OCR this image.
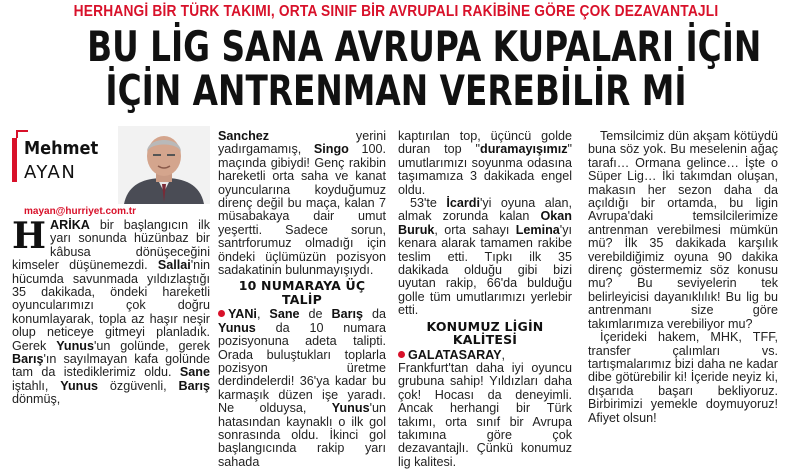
HERHANGİ BİR TÜRK TAKIMI, ORTA SINIF BİR AVRUPALI RAKİBİNE GÖRE ÇOK DEZAVANTAJLI
BU LİG SANA AVRUPA KUPALARI İÇİN
İÇİN ANTRENMAN VEREBİLİR Mİ
Mehmet
AYAN
mayan@hurriyet.com.tr

HARİKA bir başlangıcın ilk yarı sonunda hüzünbaz bir kâbusa dönüşeceğini kimseler düşünemezdi. Sallai'nin hücumda savunmada yıldızlaştığı 35 dakikada, öndeki hareketli oyuncularımızı çok doğru konumlayarak, topla az haşır neşir olup neticeye gitmeyi planladık. Gerek Yunus'un golünde, gerek Barış'ın sayılmayan kafa golünde tam da istediklerimiz oldu. Sane iştahlı, Yunus özgüvenli, Barış dönmüş,

Sanchez yerini yadırgamamış, Singo 100. maçında gibiydi! Genç rakibin hareketli orta saha ve kanat oyuncularına koyduğumuz direnç değil bu maça, kalan 7 müsabakaya dair umut yeşertti. Sadece sorun, santrforumuz olmadığı için öndeki üçlümüzün pozisyon sadakatinin bulunmayışıydı.

10 NUMARAYA ÜÇ TALİP

YANi, Sane de Barış da Yunus da 10 numara pozisyonuna adeta talipti. Orada buluştukları toplarla pozisyon üretme derdindelerdi! 36'ya kadar bu karmaşık düzen işe yaradı. Ne olduysa, Yunus'un hatasından kaynaklı o ilk gol sonrasında oldu. İkinci gol başlangıcında rakip yarı sahada

kaptırılan top, üçüncü golde duran top "duramayışımız" umutlarımızı soyunma odasına taşımamıza 3 dakikada engel oldu.

53'te İcardi'yi oyuna alan, almak zorunda kalan Okan Buruk, orta sahayı Lemina'yı kenara alarak tamamen rakibe teslim etti. Tıpkı ilk 35 dakikada olduğu gibi bizi uyutan rakip, 66'da bulduğu golle tüm umutlarımızı yerlebir etti.

KONUMUZ LİGİN KALİTESİ

GALATASARAY, Frankfurt'tan daha iyi oyuncu grubuna sahip! Yıldızları daha çok! Hocası da deneyimli. Ancak herhangi bir Türk takımı, orta sınıf bir Avrupa takımına göre çok dezavantajlı. Çünkü konumuz lig kalitesi.

Temsilcimiz dün akşam kötüydü buna söz yok. Bu meselenin ağaç tarafı… Ormana gelince… İşte o Süper Lig… İki takımdan oluşan, makasın her sezon daha da açıldığı bir ortamda, bu ligin Avrupa'daki temsilcilerimize antrenman verebilmesi mümkün mü? İlk 35 dakikada karşılık verebildiğimiz oyuna 90 dakika direnç göstermemiz söz konusu mu? Bu seviyelerin tek belirleyicisi dayanıklılık! Bu lig bu antrenmanı size göre takımlarımıza verebiliyor mu?

İçerideki hakem, MHK, TFF, transfer çalımları vs. tartışmalarımız bizi daha ne kadar dibe götürebilir ki! İçeride neyiz ki, dışarıda başarı bekliyoruz. Birbirimizi yemekle doymuyoruz! Afiyet olsun!
